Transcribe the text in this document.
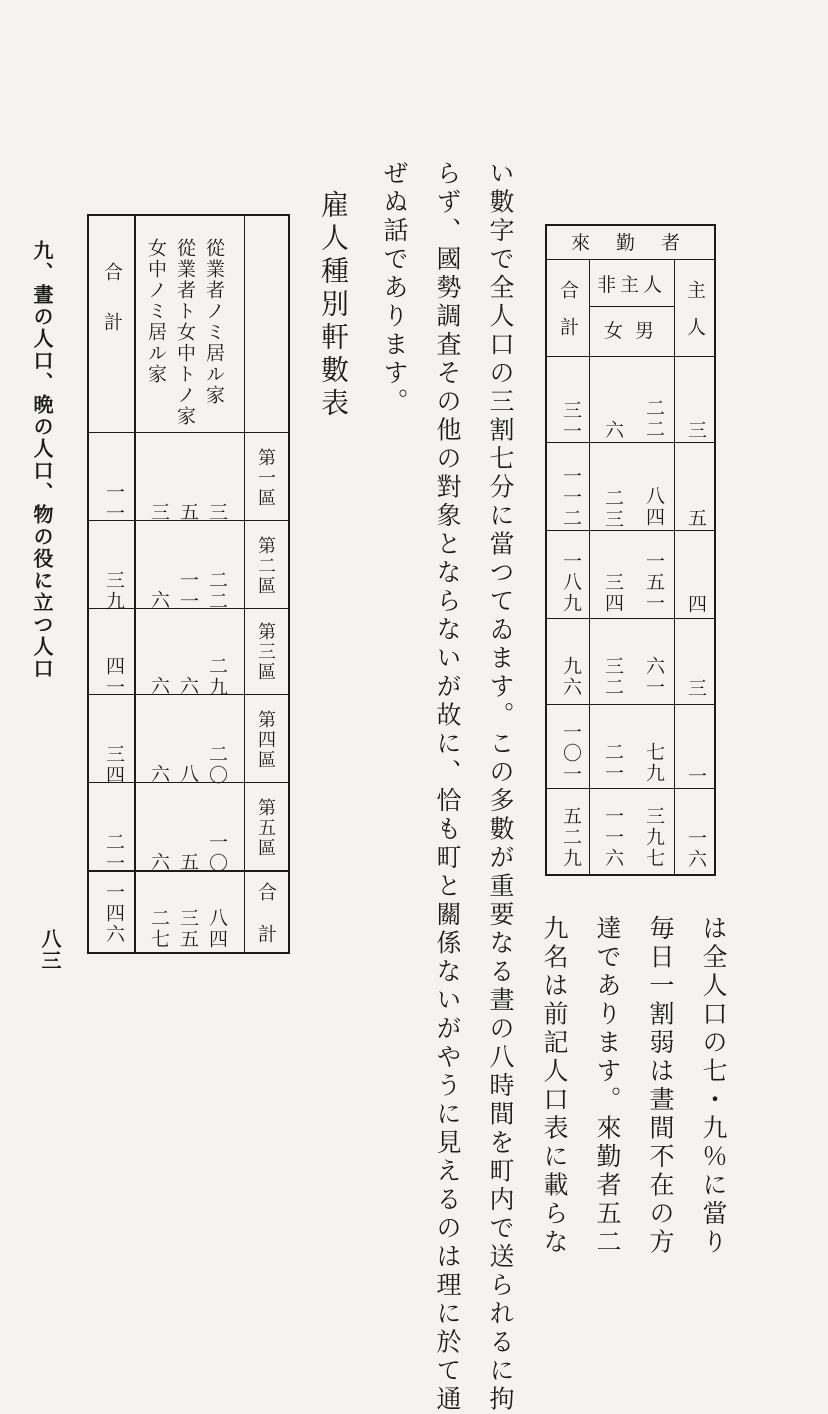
は全人口の七・九％に當り
毎日一割弱は晝間不在の方
達であります。來勤者五二
九名は前記人口表に載らな
い數字で全人口の三割七分に當つてゐます。この多數が重要なる晝の八時間を町内で送られるに拘
らず、國勢調査その他の對象とならないが故に、恰も町と關係ないがやうに見えるのは理に於て通
ぜぬ話であります。	來 勤 者
主人
合計 非主人
男
女
三
二二
六
三一
五
八四
二三
一一二
四
一五一
三四
一八九
三
六一
三二
九六
一
七九
二一
一〇一
一六
三九七
一一六
五二九
雇人種別軒數表
從業者ノミ居ル家
從業者ト女中トノ家
女中ノミ居ル家
合　計
第一區
第二區
第三區
第四區
第五區
合　計
三
五
三
一一
二二
一一
六
三九
二九
六
六
四一
二〇
八
六
三四
一〇
五
六
二一
八四
三五
二七
一四六
九、晝の人口、晩の人口、物の役に立つ人口
八三
